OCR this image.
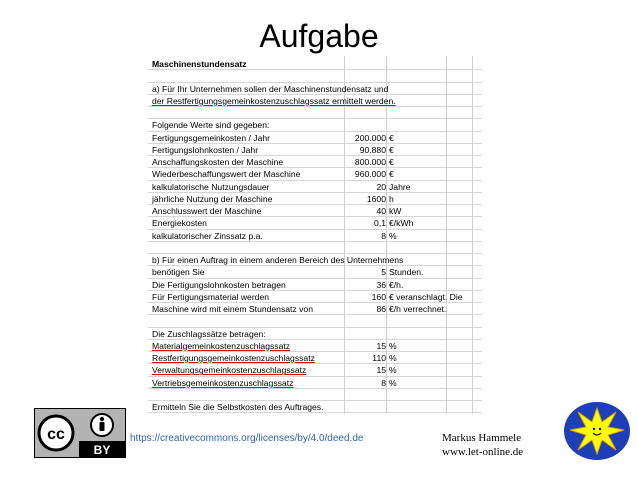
Aufgabe
Maschinenstundensatz
a) Für Ihr Unternehmen sollen der Maschinenstundensatz und
der Restfertigungsgemeinkostenzuschlagssatz ermittelt werden.
Folgende Werte sind gegeben:
Fertigungsgemeinkosten / Jahr	200.000 €
Fertigungslohnkosten / Jahr	90.880 €
Anschaffungskosten der Maschine	800.000 €
Wiederbeschaffungswert der Maschine	960.000 €
kalkulatorische Nutzungsdauer	20 Jahre
jährliche Nutzung der Maschine	1600 h
Anschlusswert der Maschine	40 kW
Energiekosten	0,1 €/kWh
kalkulatorischer Zinssatz p.a.	8 %
b) Für einen Auftrag in einem anderen Bereich des Unternehmens
benötigen Sie	5 Stunden.
Die Fertigungslohnkosten betragen	36 €/h.
Für Fertigungsmaterial werden	160 € veranschlagt. Die
Maschine wird mit einem Stundensatz von	86 €/h verrechnet.
Die Zuschlagssätze betragen:
Materialgemeinkostenzuschlagssatz	15 %
Restfertigungsgemeinkostenzuschlagssatz	110 %
Verwaltungsgemeinkostenzuschlagssatz	15 %
Vertriebsgemeinkostenzuschlagssatz	8 %
Ermitteln Sie die Selbstkosten des Auftrages.
cc
BY
https://creativecommons.org/licenses/by/4.0/deed.de	Markus Hammele
www.let-online.de
